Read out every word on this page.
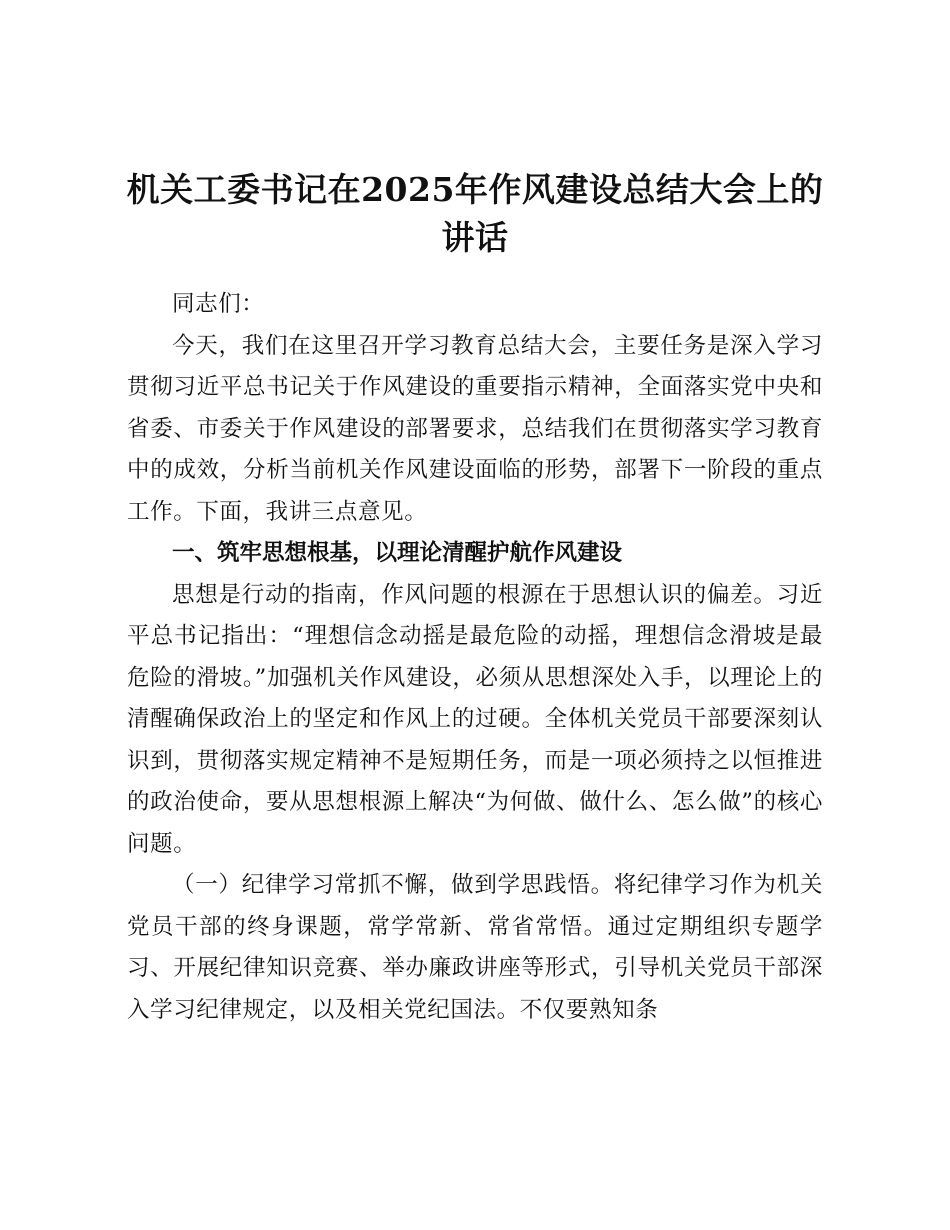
机关工委书记在2025年作风建设总结大会上的讲话

同志们：

今天，我们在这里召开学习教育总结大会，主要任务是深入学习贯彻习近平总书记关于作风建设的重要指示精神，全面落实党中央和省委、市委关于作风建设的部署要求，总结我们在贯彻落实学习教育中的成效，分析当前机关作风建设面临的形势，部署下一阶段的重点工作。下面，我讲三点意见。

一、筑牢思想根基，以理论清醒护航作风建设

思想是行动的指南，作风问题的根源在于思想认识的偏差。习近平总书记指出：“理想信念动摇是最危险的动摇，理想信念滑坡是最危险的滑坡。”加强机关作风建设，必须从思想深处入手，以理论上的清醒确保政治上的坚定和作风上的过硬。全体机关党员干部要深刻认识到，贯彻落实规定精神不是短期任务，而是一项必须持之以恒推进的政治使命，要从思想根源上解决“为何做、做什么、怎么做”的核心问题。

（一）纪律学习常抓不懈，做到学思践悟。将纪律学习作为机关党员干部的终身课题，常学常新、常省常悟。通过定期组织专题学习、开展纪律知识竞赛、举办廉政讲座等形式，引导机关党员干部深入学习纪律规定，以及相关党纪国法。不仅要熟知条
